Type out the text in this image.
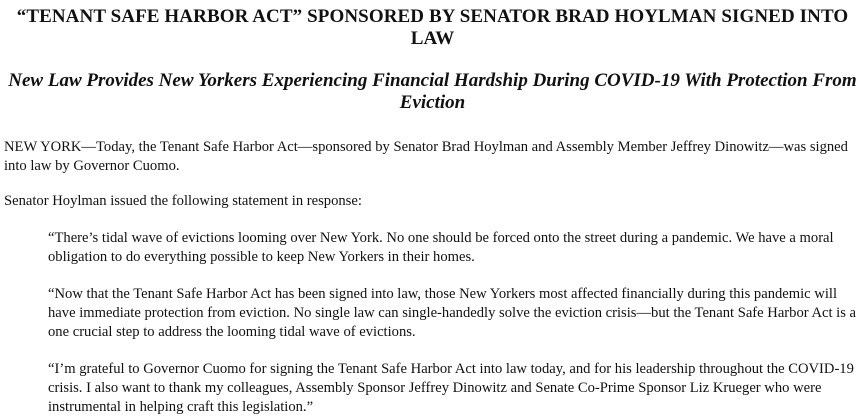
“TENANT SAFE HARBOR ACT” SPONSORED BY SENATOR BRAD HOYLMAN SIGNED INTO LAW
New Law Provides New Yorkers Experiencing Financial Hardship During COVID-19 With Protection From Eviction

NEW YORK—Today, the Tenant Safe Harbor Act—sponsored by Senator Brad Hoylman and Assembly Member Jeffrey Dinowitz—was signed into law by Governor Cuomo.

Senator Hoylman issued the following statement in response:

“There’s tidal wave of evictions looming over New York. No one should be forced onto the street during a pandemic. We have a moral obligation to do everything possible to keep New Yorkers in their homes.

“Now that the Tenant Safe Harbor Act has been signed into law, those New Yorkers most affected financially during this pandemic will have immediate protection from eviction. No single law can single-handedly solve the eviction crisis—but the Tenant Safe Harbor Act is a one crucial step to address the looming tidal wave of evictions.

“I’m grateful to Governor Cuomo for signing the Tenant Safe Harbor Act into law today, and for his leadership throughout the COVID-19 crisis. I also want to thank my colleagues, Assembly Sponsor Jeffrey Dinowitz and Senate Co-Prime Sponsor Liz Krueger who were instrumental in helping craft this legislation.”
